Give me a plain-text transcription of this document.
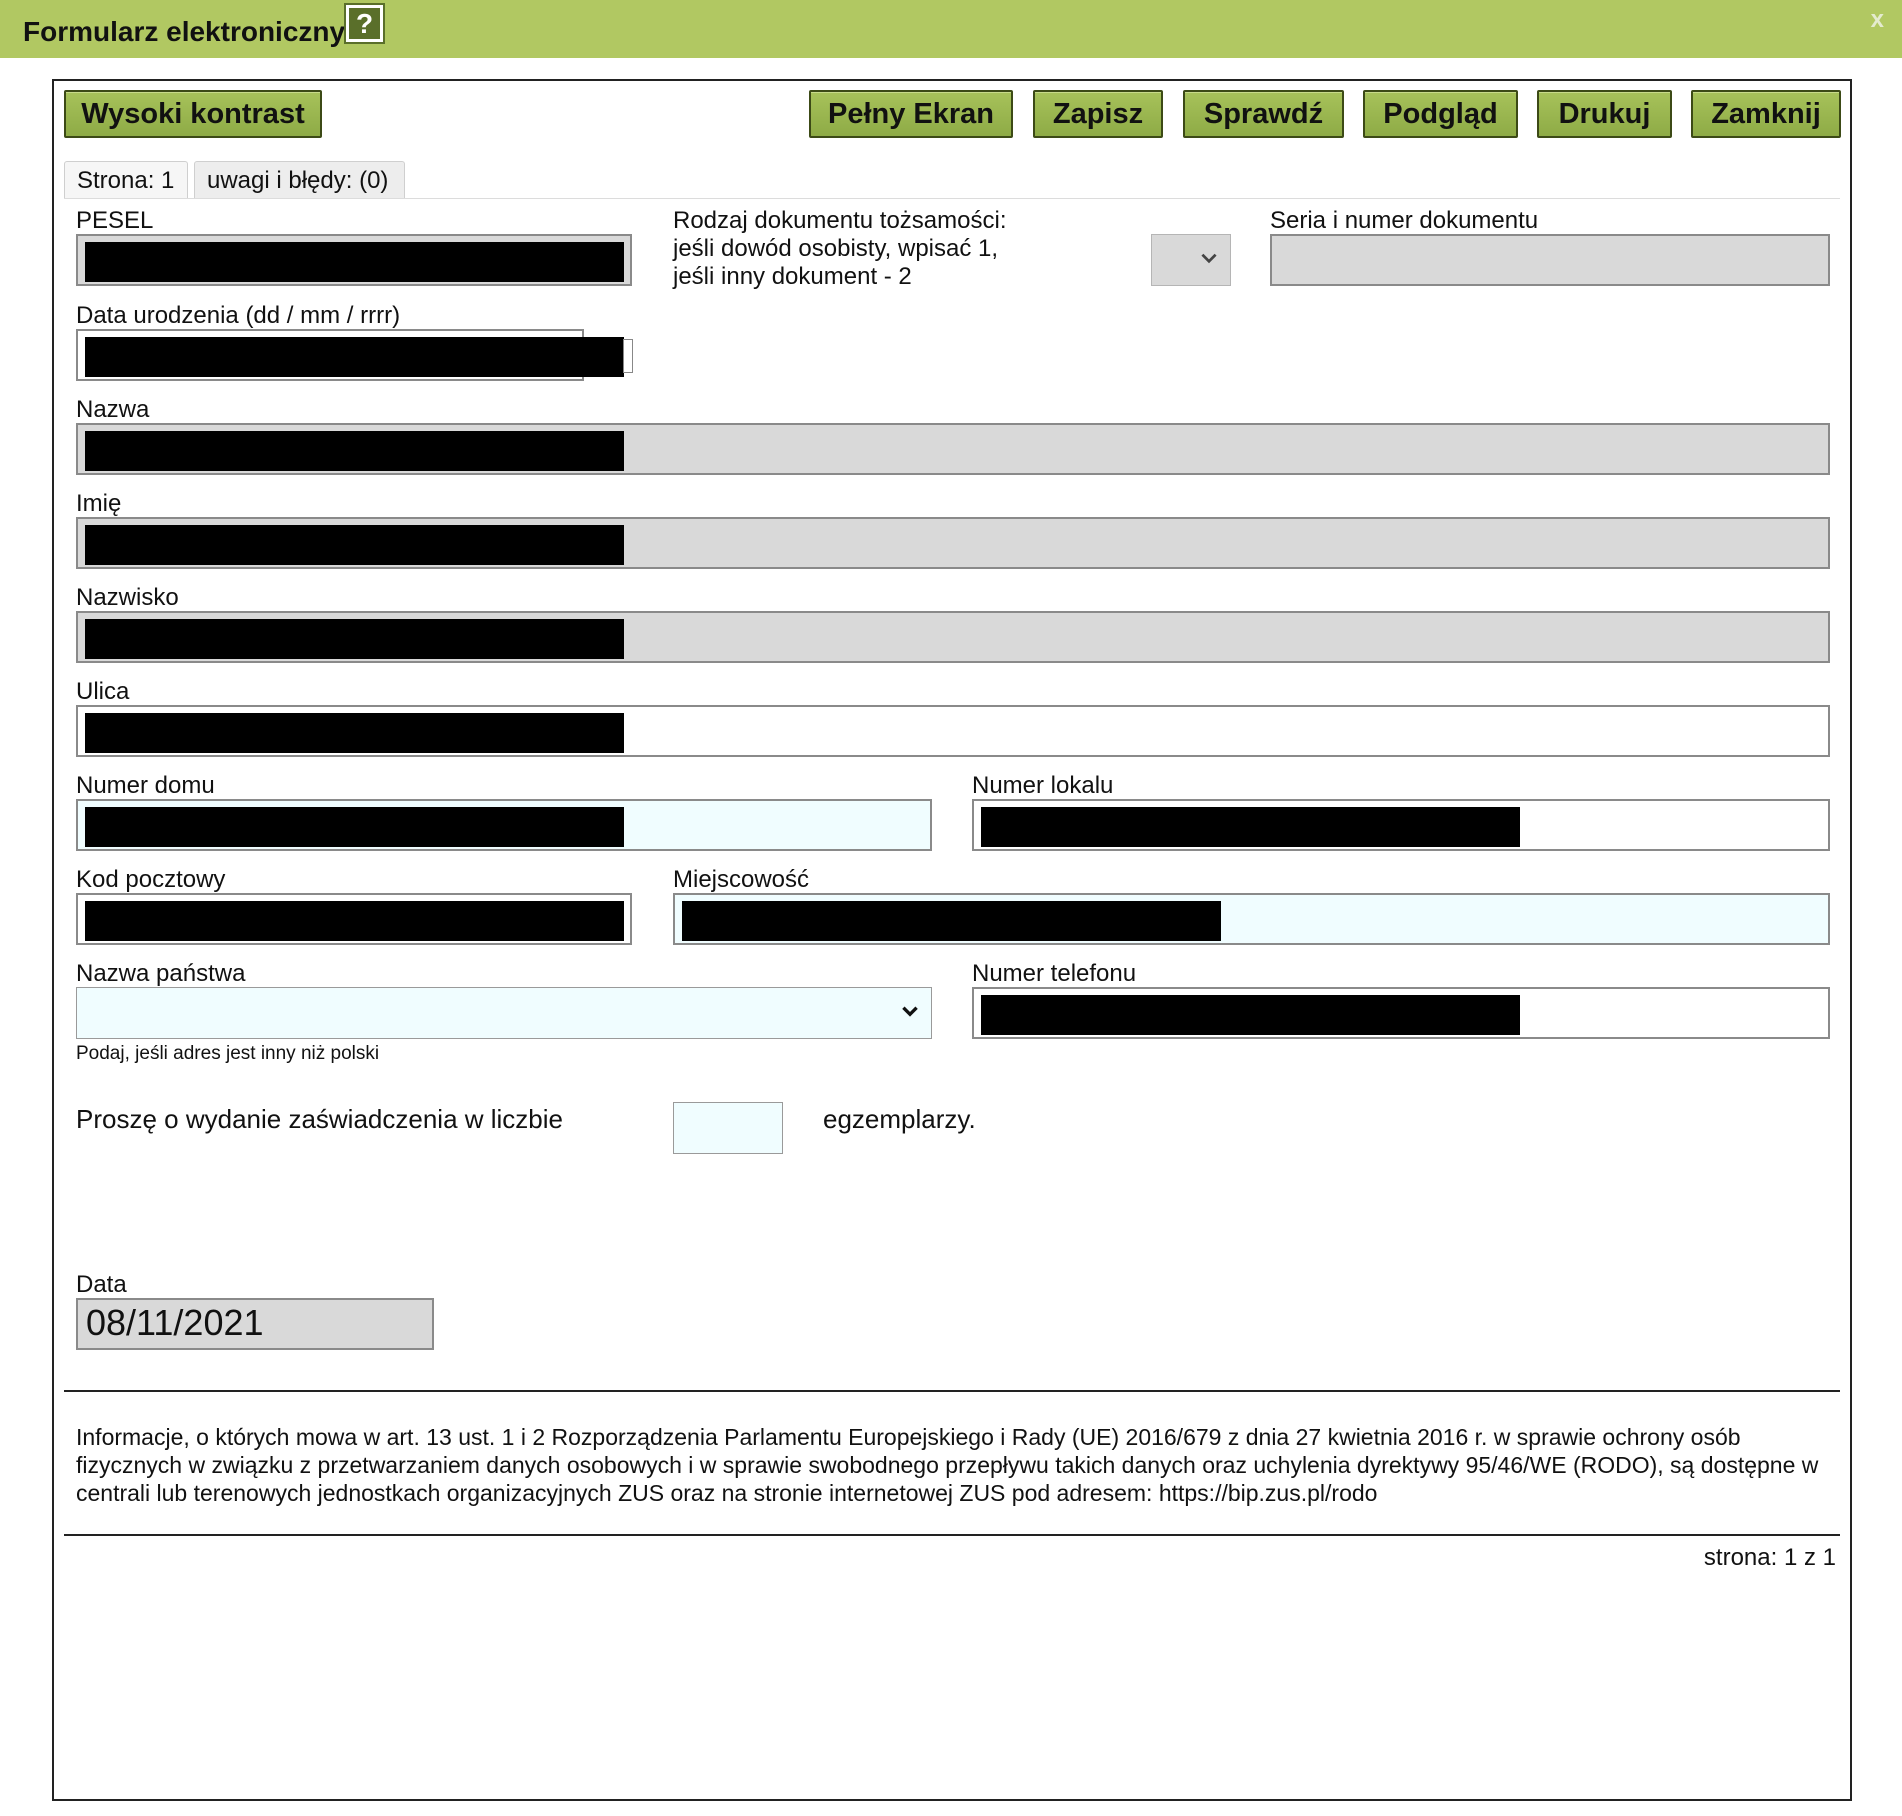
Formularz elektroniczny ?	x
Wysoki kontrast	Pełny Ekran	Zapisz	Sprawdź	Podgląd	Drukuj	Zamknij
Strona: 1	uwagi i błędy: (0)
PESEL	Rodzaj dokumentu tożsamości:
jeśli dowód osobisty, wpisać 1,
jeśli inny dokument - 2
Seria i numer dokumentu
Data urodzenia (dd / mm / rrrr)
Nazwa
Imię
Nazwisko
Ulica
Numer domu	Numer lokalu
Kod pocztowy	Miejscowość
Nazwa państwa
Podaj, jeśli adres jest inny niż polski
Numer telefonu
Proszę o wydanie zaświadczenia w liczbie	egzemplarzy.
Data
08/11/2021
Informacje, o których mowa w art. 13 ust. 1 i 2 Rozporządzenia Parlamentu Europejskiego i Rady (UE) 2016/679 z dnia 27 kwietnia 2016 r. w sprawie ochrony osób fizycznych w związku z przetwarzaniem danych osobowych i w sprawie swobodnego przepływu takich danych oraz uchylenia dyrektywy 95/46/WE (RODO), są dostępne w centrali lub terenowych jednostkach organizacyjnych ZUS oraz na stronie internetowej ZUS pod adresem: https://bip.zus.pl/rodo
strona: 1 z 1
